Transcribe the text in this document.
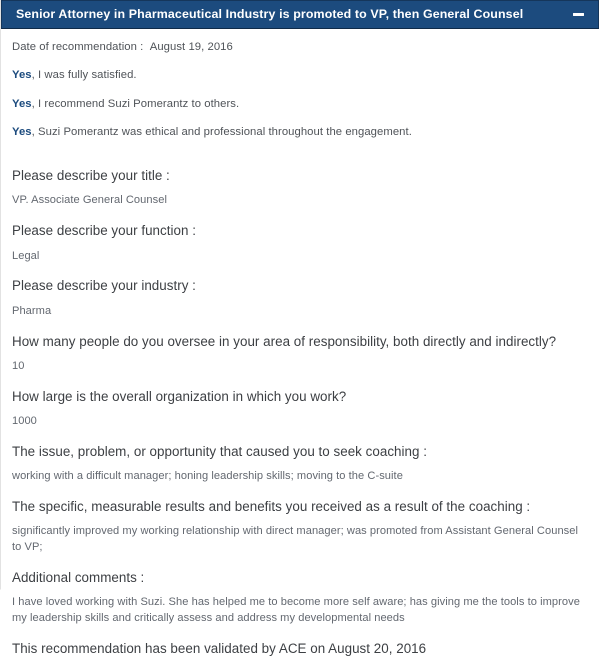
Senior Attorney in Pharmaceutical Industry is promoted to VP, then General Counsel

Date of recommendation : August 19, 2016

Yes, I was fully satisfied.

Yes, I recommend Suzi Pomerantz to others.

Yes, Suzi Pomerantz was ethical and professional throughout the engagement.

Please describe your title :

VP. Associate General Counsel

Please describe your function :

Legal

Please describe your industry :

Pharma

How many people do you oversee in your area of responsibility, both directly and indirectly?

10

How large is the overall organization in which you work?

1000

The issue, problem, or opportunity that caused you to seek coaching :

working with a difficult manager; honing leadership skills; moving to the C-suite

The specific, measurable results and benefits you received as a result of the coaching :

significantly improved my working relationship with direct manager; was promoted from Assistant General Counsel to VP;

Additional comments :

I have loved working with Suzi. She has helped me to become more self aware; has giving me the tools to improve my leadership skills and critically assess and address my developmental needs

This recommendation has been validated by ACE on August 20, 2016
